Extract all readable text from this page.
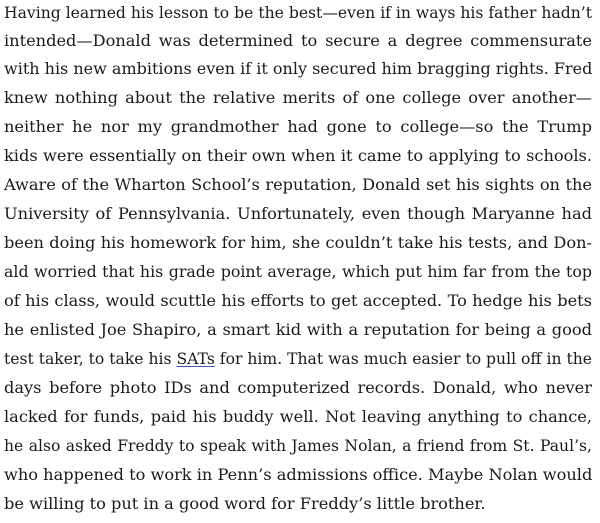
Having learned his lesson to be the best—even if in ways his father hadn’t
intended—Donald was determined to secure a degree commensurate
with his new ambitions even if it only secured him bragging rights. Fred
knew nothing about the relative merits of one college over another—
neither he nor my grandmother had gone to college—so the Trump
kids were essentially on their own when it came to applying to schools.
Aware of the Wharton School’s reputation, Donald set his sights on the
University of Pennsylvania. Unfortunately, even though Maryanne had
been doing his homework for him, she couldn’t take his tests, and Don-
ald worried that his grade point average, which put him far from the top
of his class, would scuttle his efforts to get accepted. To hedge his bets
he enlisted Joe Shapiro, a smart kid with a reputation for being a good
test taker, to take his SATs for him. That was much easier to pull off in the
days before photo IDs and computerized records. Donald, who never
lacked for funds, paid his buddy well. Not leaving anything to chance,
he also asked Freddy to speak with James Nolan, a friend from St. Paul’s,
who happened to work in Penn’s admissions office. Maybe Nolan would
be willing to put in a good word for Freddy’s little brother.
